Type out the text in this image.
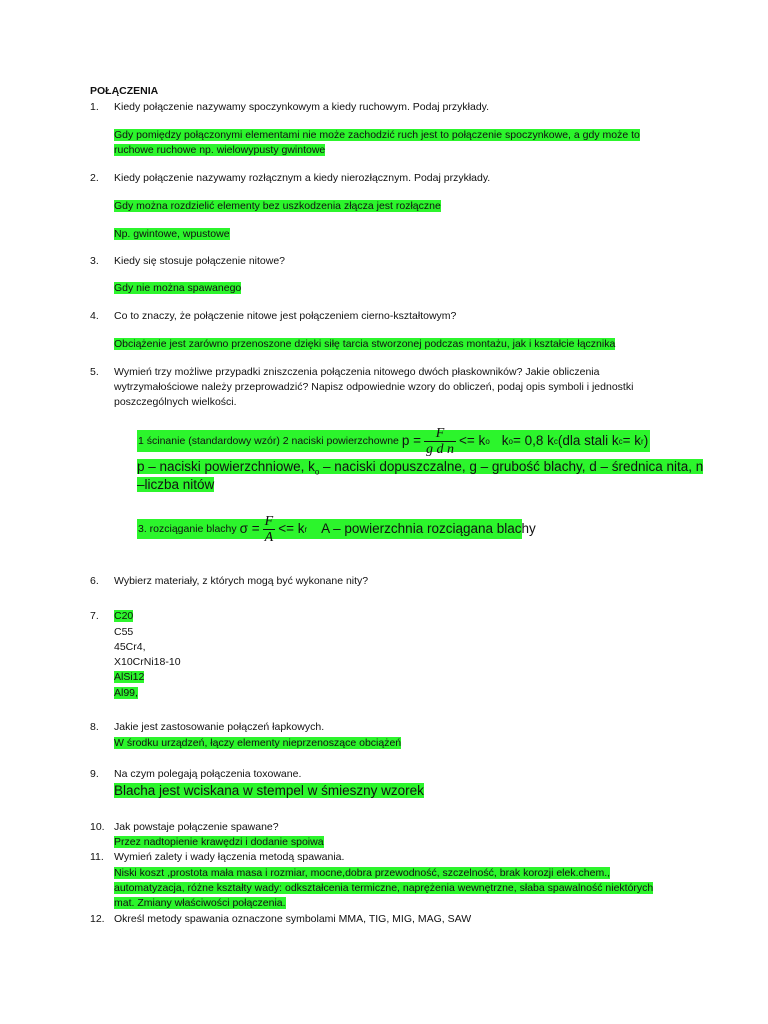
POŁĄCZENIA
1.	Kiedy połączenie nazywamy spoczynkowym a kiedy ruchowym. Podaj przykłady.
Gdy pomiędzy połączonymi elementami nie może zachodzić ruch jest to połączenie spoczynkowe, a gdy może to
ruchowe ruchowe np. wielowypusty gwintowe
2.	Kiedy połączenie nazywamy rozłącznym a kiedy nierozłącznym. Podaj przykłady.
Gdy można rozdzielić elementy bez uszkodzenia złącza jest rozłączne
Np. gwintowe, wpustowe
3.	Kiedy się stosuje połączenie nitowe?
Gdy nie można spawanego
4.	Co to znaczy, że połączenie nitowe jest połączeniem cierno-kształtowym?
Obciążenie jest zarówno przenoszone dzięki siłę tarcia stworzonej podczas montażu, jak i kształcie łącznika
5.	Wymień trzy możliwe przypadki zniszczenia połączenia nitowego dwóch płaskowników? Jakie obliczenia
wytrzymałościowe należy przeprowadzić? Napisz odpowiednie wzory do obliczeń, podaj opis symboli i jednostki
poszczególnych wielkości.
1 ścinanie (standardowy wzór) 2 naciski powierzchowne $p = \frac{F}{\text{g d n}} <= k$ o k o = 0,8 k c (dla stali k c = k r )
p – naciski powierzchniowe, $k_o$ – naciski dopuszczalne, g – grubość blachy, d – średnica nita, n
–liczba nitów
3. rozciąganie blachy $\sigma = \frac{F}{A} <= k$ r A – powierzchnia rozciągana blachy
6.	Wybierz materiały, z których mogą być wykonane nity?
7.	C20
C55
45Cr4,
X10CrNi18-10
AlSi12
Al99,
8.	Jakie jest zastosowanie połączeń łapkowych.
W środku urządzeń, łączy elementy nieprzenoszące obciążeń
9.	Na czym polegają połączenia toxowane.
Blacha jest wciskana w stempel w śmieszny wzorek
10. Jak powstaje połączenie spawane?
Przez nadtopienie krawędzi i dodanie spoiwa
11. Wymień zalety i wady łączenia metodą spawania.
Niski koszt ,prostota mała masa i rozmiar, mocne,dobra przewodność, szczelność, brak korozji elek.chem.,
automatyzacja, różne kształty wady: odkształcenia termiczne, naprężenia wewnętrzne, słaba spawalność niektórych
mat. Zmiany właściwości połączenia.
12. Określ metody spawania oznaczone symbolami MMA, TIG, MIG, MAG, SAW
